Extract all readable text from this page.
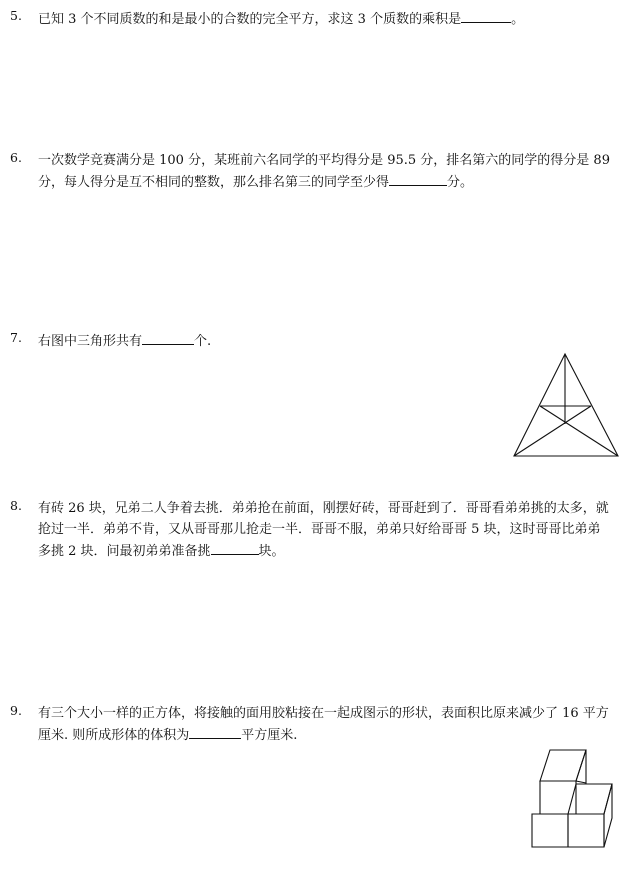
5. 已知 3 个不同质数的和是最小的合数的完全平方，求这 3 个质数的乘积是	。
6. 一次数学竞赛满分是 100 分，某班前六名同学的平均得分是 95.5 分，排名第六的同学的得分是 89
分，每人得分是互不相同的整数，那么排名第三的同学至少得	分。
7. 右图中三角形共有	个.
8. 有砖 26 块，兄弟二人争着去挑．弟弟抢在前面，刚摆好砖，哥哥赶到了．哥哥看弟弟挑的太多，就
抢过一半．弟弟不肯，又从哥哥那儿抢走一半．哥哥不服，弟弟只好给哥哥 5 块，这时哥哥比弟弟
多挑 2 块．问最初弟弟准备挑	块。
9. 有三个大小一样的正方体，将接触的面用胶粘接在一起成图示的形状，表面积比原来减少了 16 平方
厘米. 则所成形体的体积为	平方厘米.
